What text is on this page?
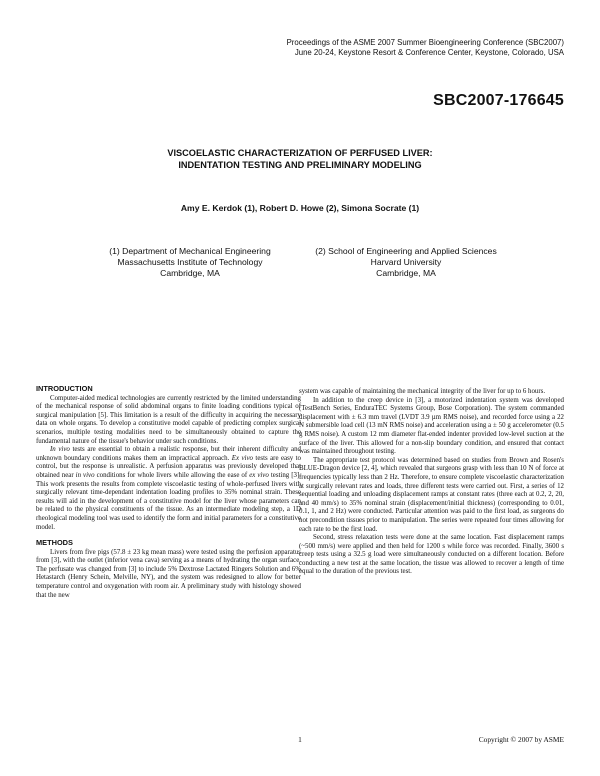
Proceedings of the ASME 2007 Summer Bioengineering Conference (SBC2007)
June 20-24, Keystone Resort & Conference Center, Keystone, Colorado, USA
SBC2007-176645
VISCOELASTIC CHARACTERIZATION OF PERFUSED LIVER:
INDENTATION TESTING AND PRELIMINARY MODELING
Amy E. Kerdok (1), Robert D. Howe (2), Simona Socrate (1)
(1) Department of Mechanical Engineering
Massachusetts Institute of Technology
Cambridge, MA
(2) School of Engineering and Applied Sciences
Harvard University
Cambridge, MA
INTRODUCTION

Computer-aided medical technologies are currently restricted by the limited understanding of the mechanical response of solid abdominal organs to finite loading conditions typical of surgical manipulation [5]. This limitation is a result of the difficulty in acquiring the necessary data on whole organs. To develop a constitutive model capable of predicting complex surgical scenarios, multiple testing modalities need to be simultaneously obtained to capture the fundamental nature of the tissue's behavior under such conditions.

In vivo tests are essential to obtain a realistic response, but their inherent difficulty and unknown boundary conditions makes them an impractical approach. Ex vivo tests are easy to control, but the response is unrealistic. A perfusion apparatus was previously developed that obtained near in vivo conditions for whole livers while allowing the ease of ex vivo testing [3]. This work presents the results from complete viscoelastic testing of whole-perfused livers with surgically relevant time-dependant indentation loading profiles to 35% nominal strain. These results will aid in the development of a constitutive model for the liver whose parameters can be related to the physical constituents of the tissue. As an intermediate modeling step, a 1D rheological modeling tool was used to identify the form and initial parameters for a constitutive model.

METHODS

Livers from five pigs (57.8 ± 23 kg mean mass) were tested using the perfusion apparatus from [3], with the outlet (inferior vena cava) serving as a means of hydrating the organ surface. The perfusate was changed from [3] to include 5% Dextrose Lactated Ringers Solution and 6% Hetastarch (Henry Schein, Melville, NY), and the system was redesigned to allow for better temperature control and oxygenation with room air. A preliminary study with histology showed that the new

system was capable of maintaining the mechanical integrity of the liver for up to 6 hours.

In addition to the creep device in [3], a motorized indentation system was developed (TestBench Series, EnduraTEC Systems Group, Bose Corporation). The system commanded displacement with ± 6.3 mm travel (LVDT 3.9 µm RMS noise), and recorded force using a 22 N submersible load cell (13 mN RMS noise) and acceleration using a ± 50 g accelerometer (0.5 g RMS noise). A custom 12 mm diameter flat-ended indenter provided low-level suction at the surface of the liver. This allowed for a non-slip boundary condition, and ensured that contact was maintained throughout testing.

The appropriate test protocol was determined based on studies from Brown and Rosen's BLUE-Dragon device [2, 4], which revealed that surgeons grasp with less than 10 N of force at frequencies typically less than 2 Hz. Therefore, to ensure complete viscoelastic characterization at surgically relevant rates and loads, three different tests were carried out. First, a series of 12 sequential loading and unloading displacement ramps at constant rates (three each at 0.2, 2, 20, and 40 mm/s) to 35% nominal strain (displacement/initial thickness) (corresponding to 0.01, 0.1, 1, and 2 Hz) were conducted. Particular attention was paid to the first load, as surgeons do not precondition tissues prior to manipulation. The series were repeated four times allowing for each rate to be the first load.

Second, stress relaxation tests were done at the same location. Fast displacement ramps (~500 mm/s) were applied and then held for 1200 s while force was recorded. Finally, 3600 s creep tests using a 32.5 g load were simultaneously conducted on a different location. Before conducting a new test at the same location, the tissue was allowed to recover a length of time equal to the duration of the previous test.

1	Copyright © 2007 by ASME
